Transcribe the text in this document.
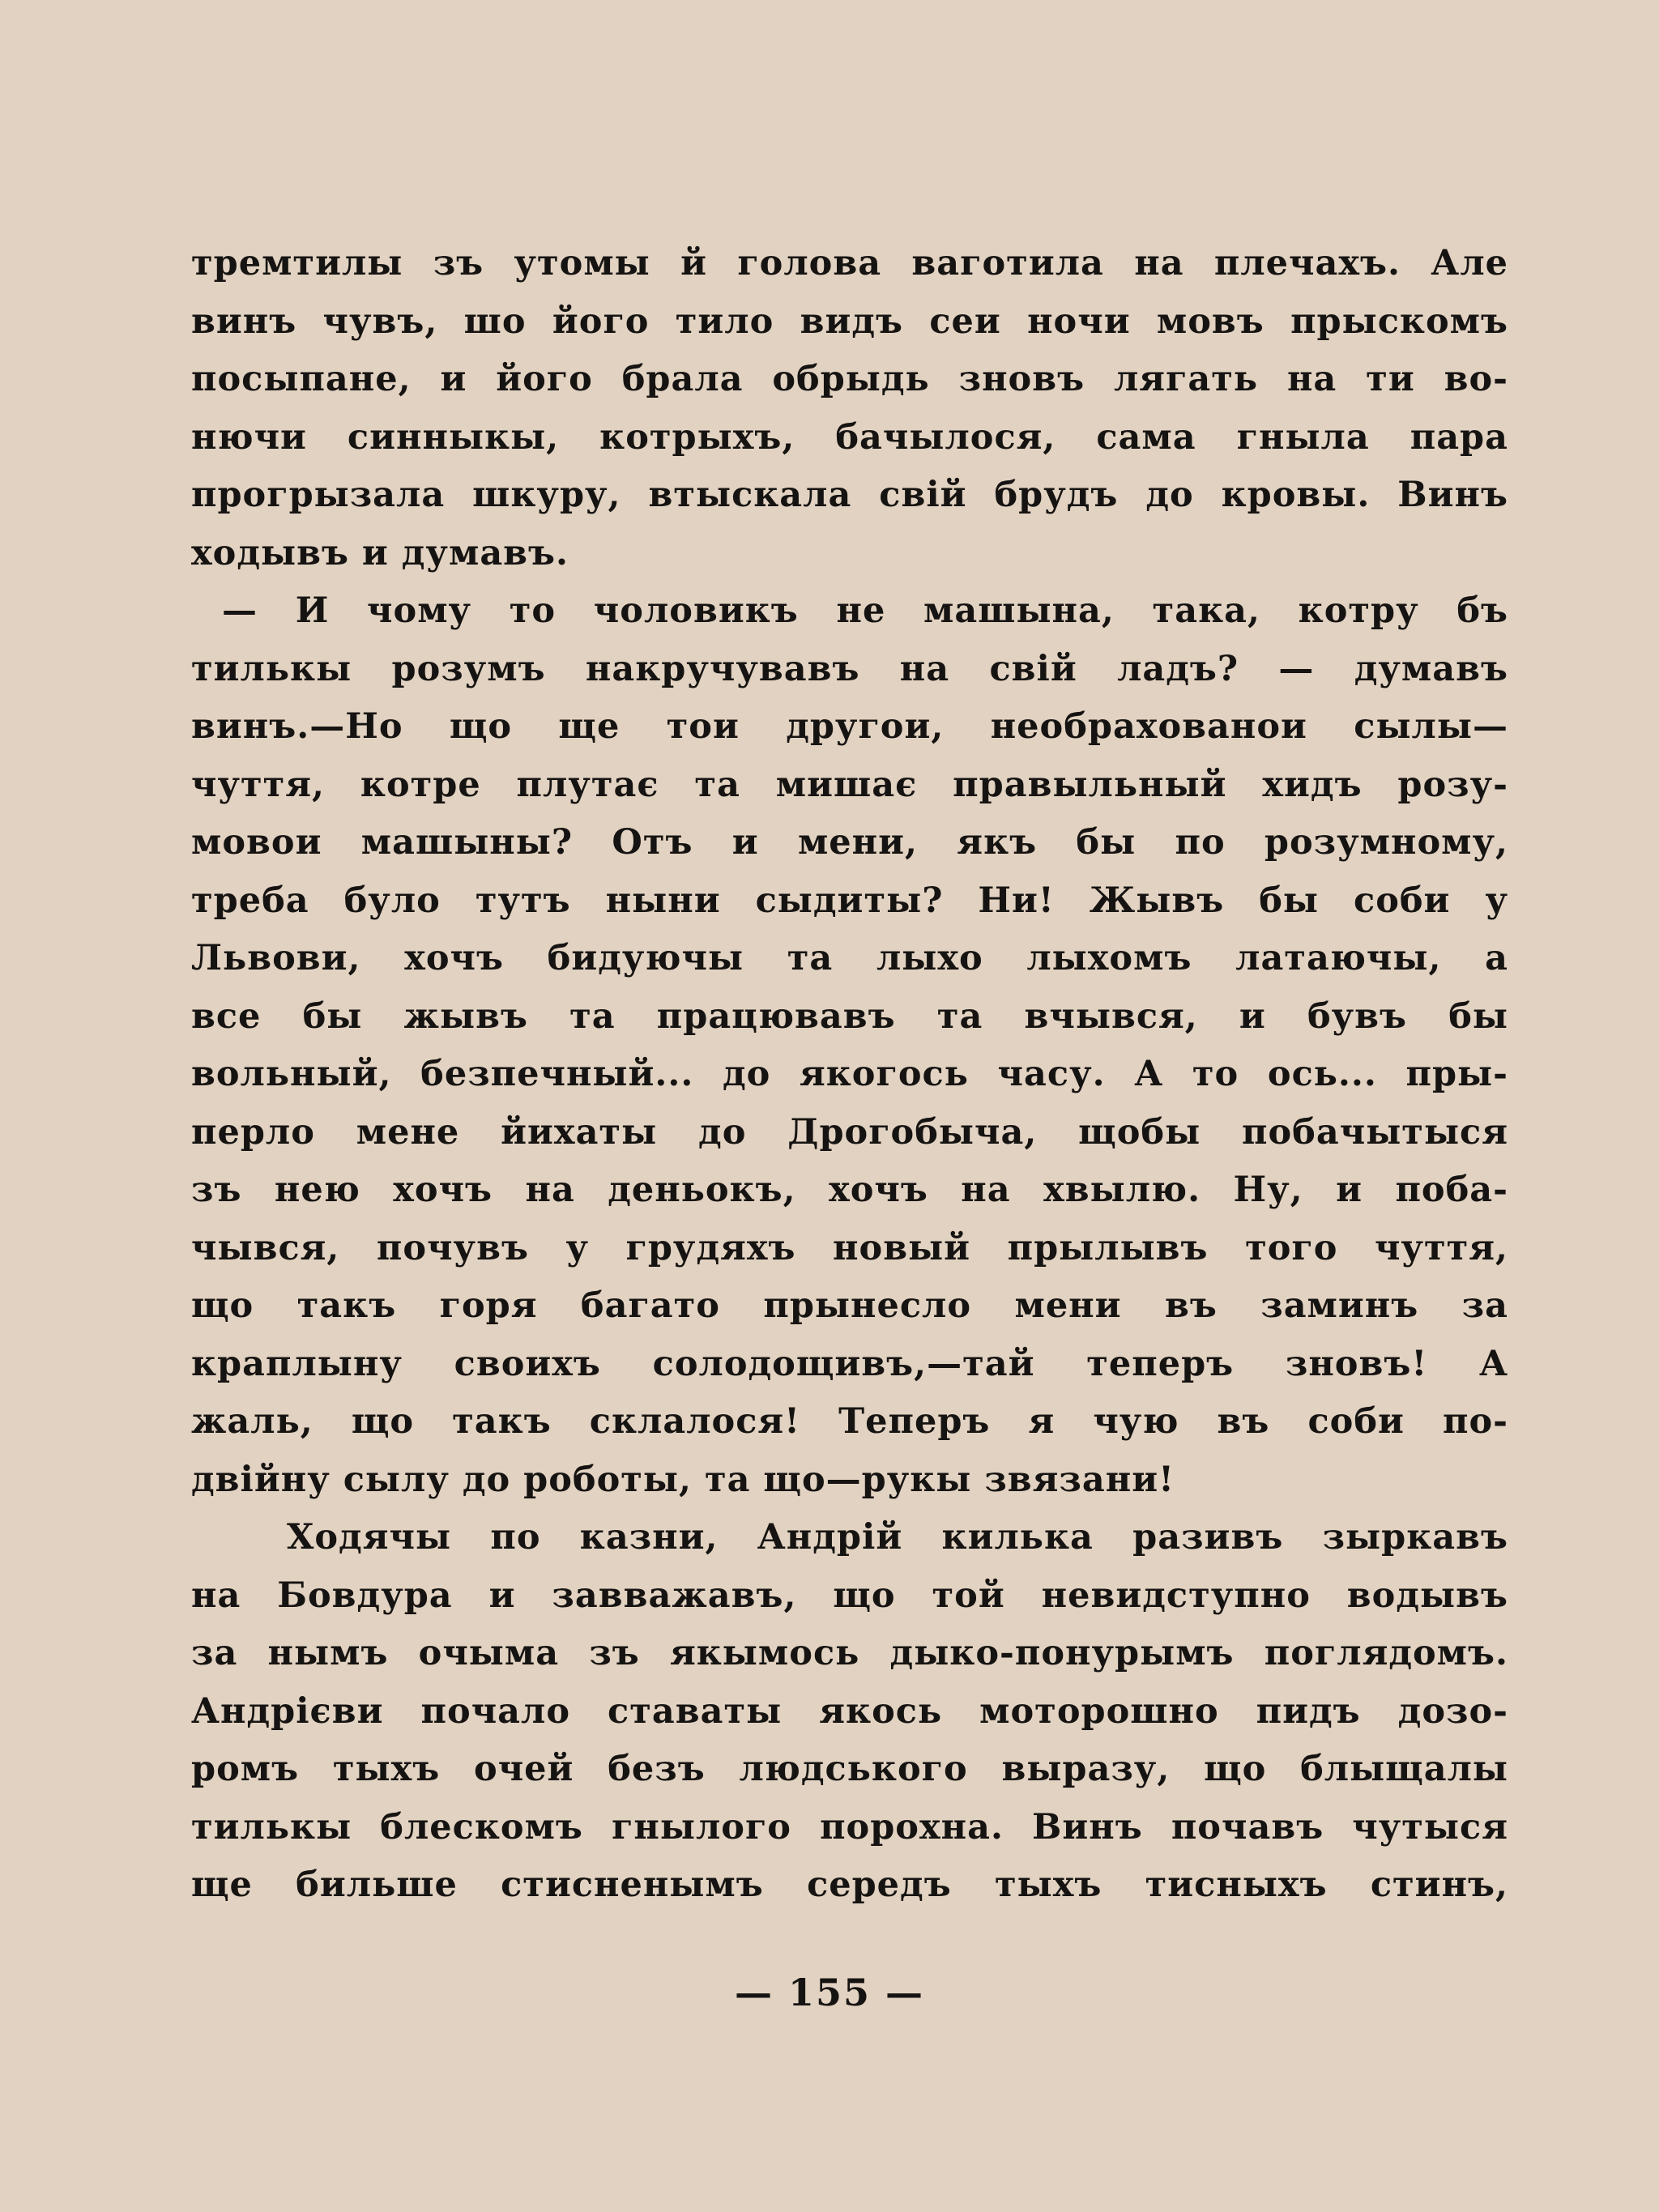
тремтилы зъ утомы й голова ваготила на плечахъ. Але
винъ чувъ, шо його тило видъ сеи ночи мовъ прыскомъ
посыпане, и його брала обрыдь зновъ лягать на ти во-
нючи синныкы, котрыхъ, бачылося, сама гныла пара
прогрызала шкуру, втыскала свій брудъ до кровы. Винъ
ходывъ и думавъ.
— И чому то чоловикъ не машына, така, котру бъ
тилькы розумъ накручувавъ на свій ладъ? — думавъ
винъ.—Но що ще тои другои, необрахованои сылы—
чуття, котре плутає та мишає правыльный хидъ розу-
мовои машыны? Отъ и мени, якъ бы по розумному,
треба було тутъ ныни сыдиты? Ни! Жывъ бы соби у
Львови, хочъ бидуючы та лыхо лыхомъ латаючы, а
все бы жывъ та працювавъ та вчывся, и бувъ бы
вольный, безпечный... до якогось часу. А то ось... пры-
перло мене йихаты до Дрогобыча, щобы побачытыся
зъ нею хочъ на деньокъ, хочъ на хвылю. Ну, и поба-
чывся, почувъ у грудяхъ новый прылывъ того чуття,
що такъ горя багато прынесло мени въ заминъ за
краплыну своихъ солодощивъ,—тай теперъ зновъ! А
жаль, що такъ склалося! Теперъ я чую въ соби по-
двійну сылу до роботы, та що—рукы звязани!
Ходячы по казни, Андрій килька разивъ зыркавъ
на Бовдура и завважавъ, що той невидступно водывъ
за нымъ очыма зъ якымось дыко-понурымъ поглядомъ.
Андрієви почало ставаты якось моторошно пидъ дозо-
ромъ тыхъ очей безъ людського выразу, що блыщалы
тилькы блескомъ гнылого порохна. Винъ почавъ чутыся
ще бильше стисненымъ середъ тыхъ тисныхъ стинъ,
— 155 —
